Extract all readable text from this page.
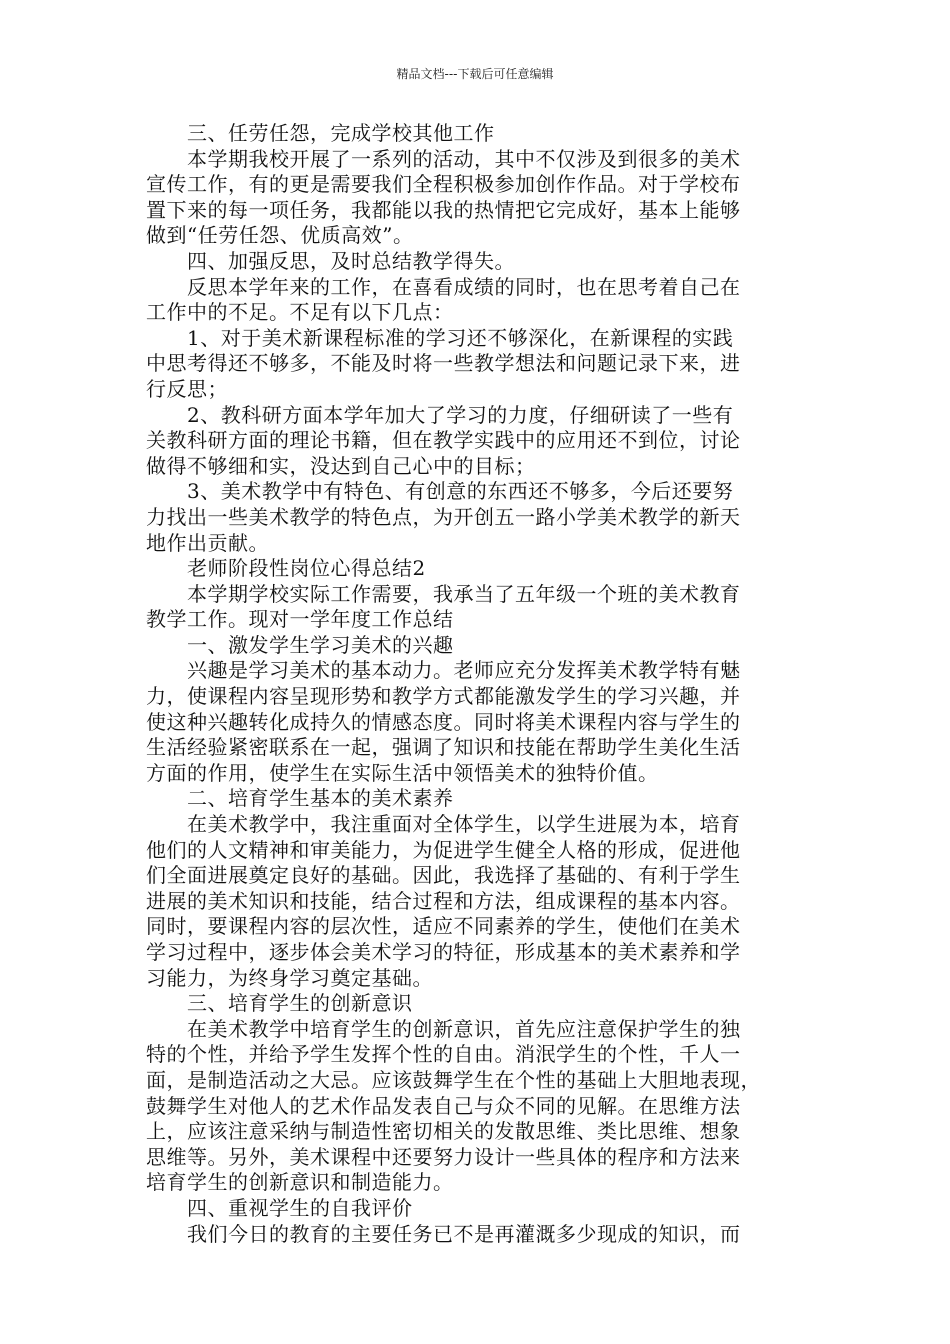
精品文档---下载后可任意编辑
　　三、任劳任怨，完成学校其他工作
　　本学期我校开展了一系列的活动，其中不仅涉及到很多的美术
宣传工作，有的更是需要我们全程积极参加创作作品。对于学校布
置下来的每一项任务，我都能以我的热情把它完成好，基本上能够
做到“任劳任怨、优质高效”。
　　四、加强反思，及时总结教学得失。
　　反思本学年来的工作，在喜看成绩的同时，也在思考着自己在
工作中的不足。不足有以下几点：
　　1、对于美术新课程标准的学习还不够深化，在新课程的实践
中思考得还不够多，不能及时将一些教学想法和问题记录下来，进
行反思；
　　2、教科研方面本学年加大了学习的力度，仔细研读了一些有
关教科研方面的理论书籍，但在教学实践中的应用还不到位，讨论
做得不够细和实，没达到自己心中的目标；
　　3、美术教学中有特色、有创意的东西还不够多，今后还要努
力找出一些美术教学的特色点，为开创五一路小学美术教学的新天
地作出贡献。
　　老师阶段性岗位心得总结2
　　本学期学校实际工作需要，我承当了五年级一个班的美术教育
教学工作。现对一学年度工作总结
　　一、激发学生学习美术的兴趣
　　兴趣是学习美术的基本动力。老师应充分发挥美术教学特有魅
力，使课程内容呈现形势和教学方式都能激发学生的学习兴趣，并
使这种兴趣转化成持久的情感态度。同时将美术课程内容与学生的
生活经验紧密联系在一起，强调了知识和技能在帮助学生美化生活
方面的作用，使学生在实际生活中领悟美术的独特价值。
　　二、培育学生基本的美术素养
　　在美术教学中，我注重面对全体学生，以学生进展为本，培育
他们的人文精神和审美能力，为促进学生健全人格的形成，促进他
们全面进展奠定良好的基础。因此，我选择了基础的、有利于学生
进展的美术知识和技能，结合过程和方法，组成课程的基本内容。
同时，要课程内容的层次性，适应不同素养的学生，使他们在美术
学习过程中，逐步体会美术学习的特征，形成基本的美术素养和学
习能力，为终身学习奠定基础。
　　三、培育学生的创新意识
　　在美术教学中培育学生的创新意识，首先应注意保护学生的独
特的个性，并给予学生发挥个性的自由。消泯学生的个性，千人一
面，是制造活动之大忌。应该鼓舞学生在个性的基础上大胆地表现，
鼓舞学生对他人的艺术作品发表自己与众不同的见解。在思维方法
上，应该注意采纳与制造性密切相关的发散思维、类比思维、想象
思维等。另外，美术课程中还要努力设计一些具体的程序和方法来
培育学生的创新意识和制造能力。
　　四、重视学生的自我评价
　　我们今日的教育的主要任务已不是再灌溉多少现成的知识，而
